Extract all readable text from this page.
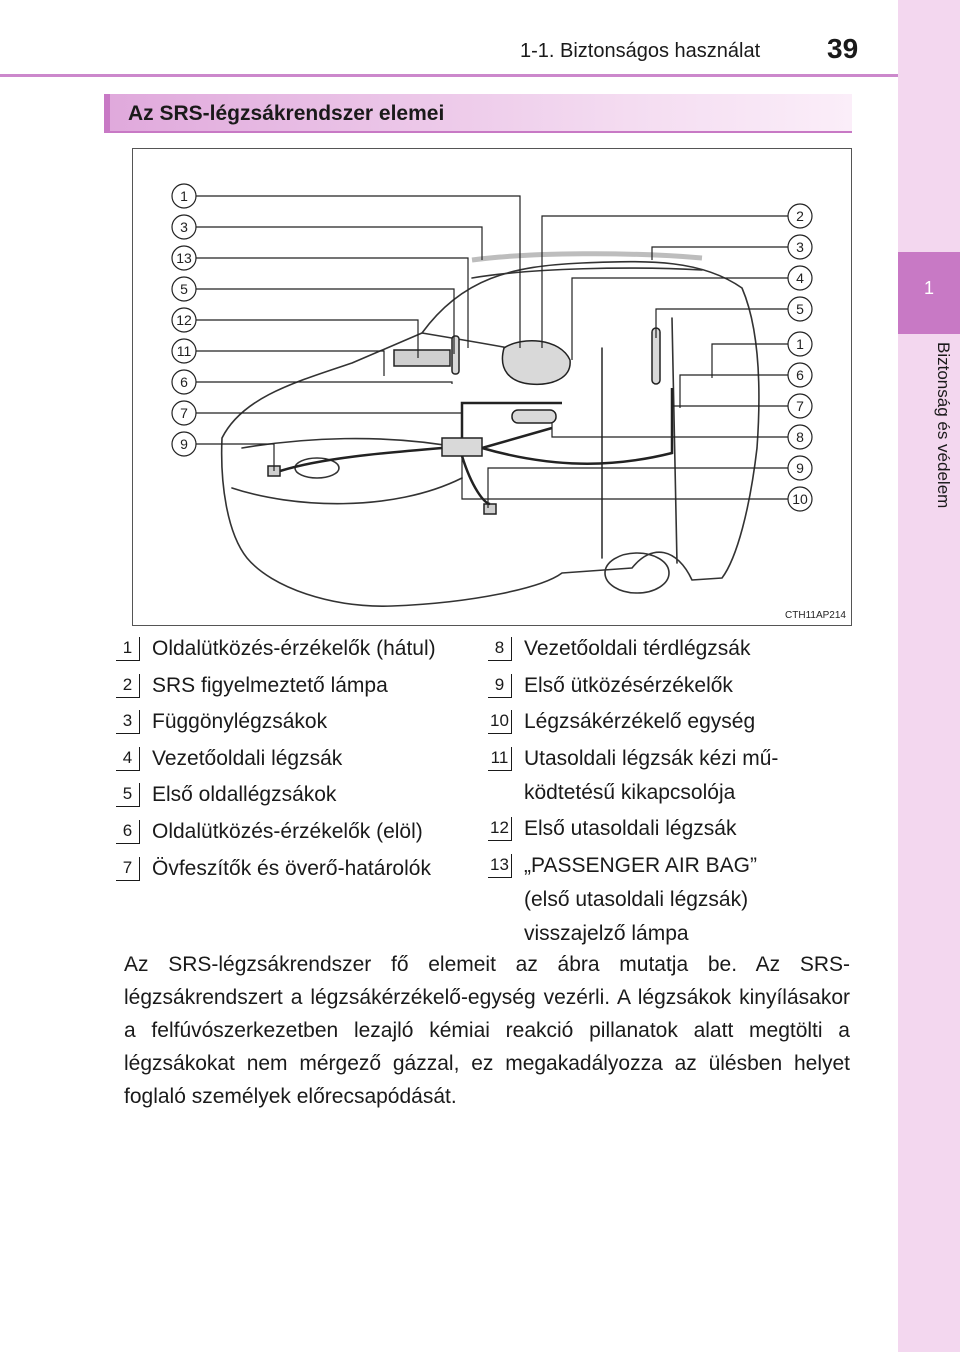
1-1. Biztonságos használat 39
1
Biztonság és védelem
Az SRS-légzsákrendszer elemei
1
3
13
5
12
11
6
7
9
2
3
4
5
1
6
7
8
9
10
CTH11AP214
1 Oldalütközés-érzékelők (hátul)
2 SRS figyelmeztető lámpa
3 Függönylégzsákok
4 Vezetőoldali légzsák
5 Első oldallégzsákok
6 Oldalütközés-érzékelők (elöl)
7 Övfeszítők és överő-határolók
8 Vezetőoldali térdlégzsák
9 Első ütközésérzékelők
10 Légzsákérzékelő egység
11 Utasoldali légzsák kézi mű-
ködtetésű kikapcsolója
12 Első utasoldali légzsák
13 „PASSENGER AIR BAG”
(első utasoldali légzsák)
visszajelző lámpa
Az SRS-légzsákrendszer fő elemeit az ábra mutatja be. Az SRS-légzsákrendszert a légzsákérzékelő-egység vezérli. A légzsákok kinyílásakor a felfúvószerkezetben lezajló kémiai reakció pillanatok alatt megtölti a légzsákokat nem mérgező gázzal, ez megakadályozza az ülésben helyet foglaló személyek előrecsapódását.
